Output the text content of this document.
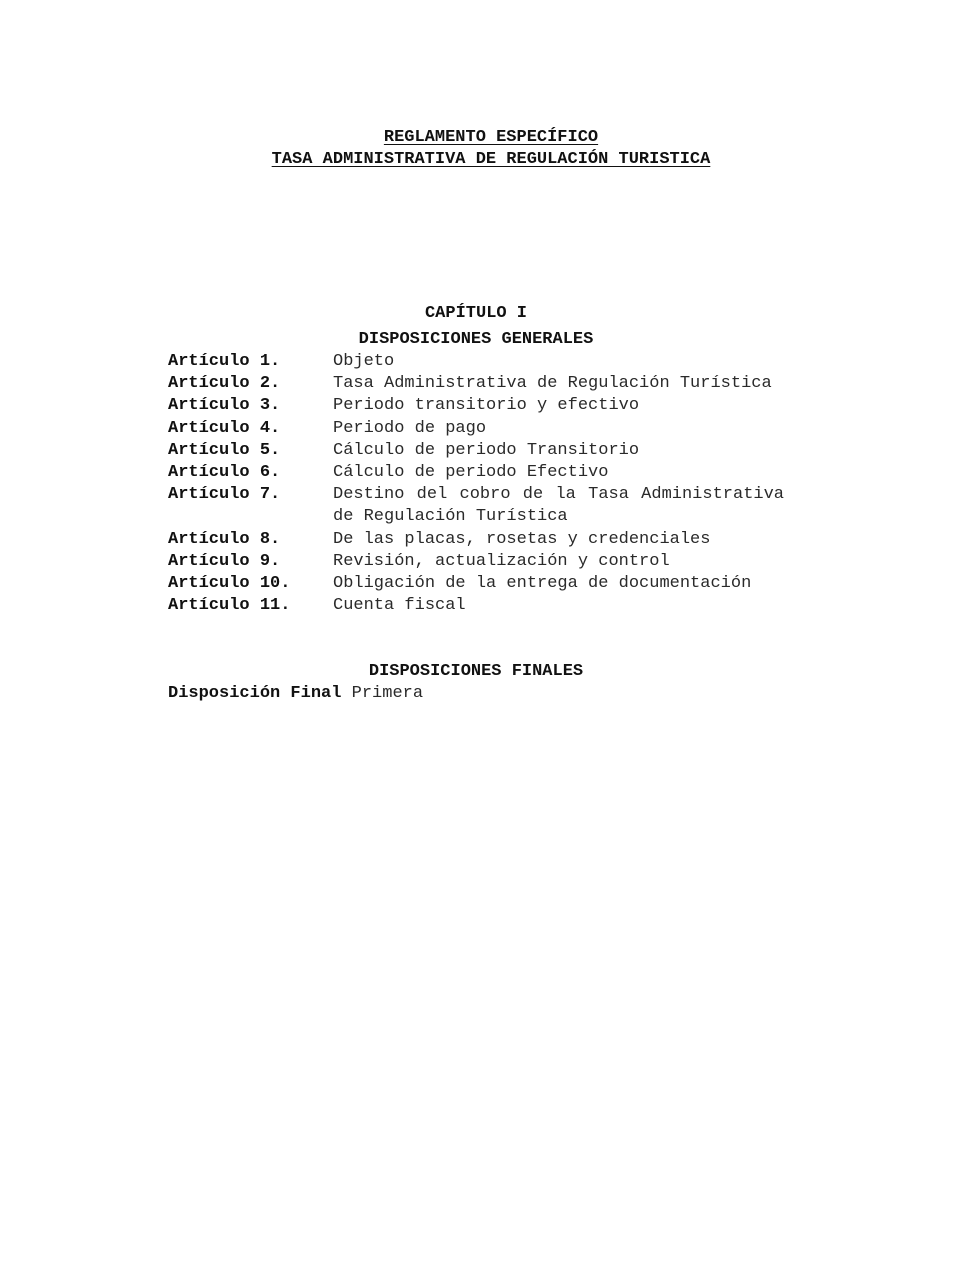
REGLAMENTO ESPECÍFICO
TASA ADMINISTRATIVA DE REGULACIÓN TURISTICA
CAPÍTULO I
DISPOSICIONES GENERALES
Artículo 1.	Objeto
Artículo 2.	Tasa Administrativa de Regulación Turística
Artículo 3.	Periodo transitorio y efectivo
Artículo 4.	Periodo de pago
Artículo 5.	Cálculo de periodo Transitorio
Artículo 6.	Cálculo de periodo Efectivo
Artículo 7.	Destino del cobro de la Tasa Administrativa de Regulación Turística
Artículo 8.	De las placas, rosetas y credenciales
Artículo 9.	Revisión, actualización y control
Artículo 10.	Obligación de la entrega de documentación
Artículo 11.	Cuenta fiscal
DISPOSICIONES FINALES
Disposición Final Primera
